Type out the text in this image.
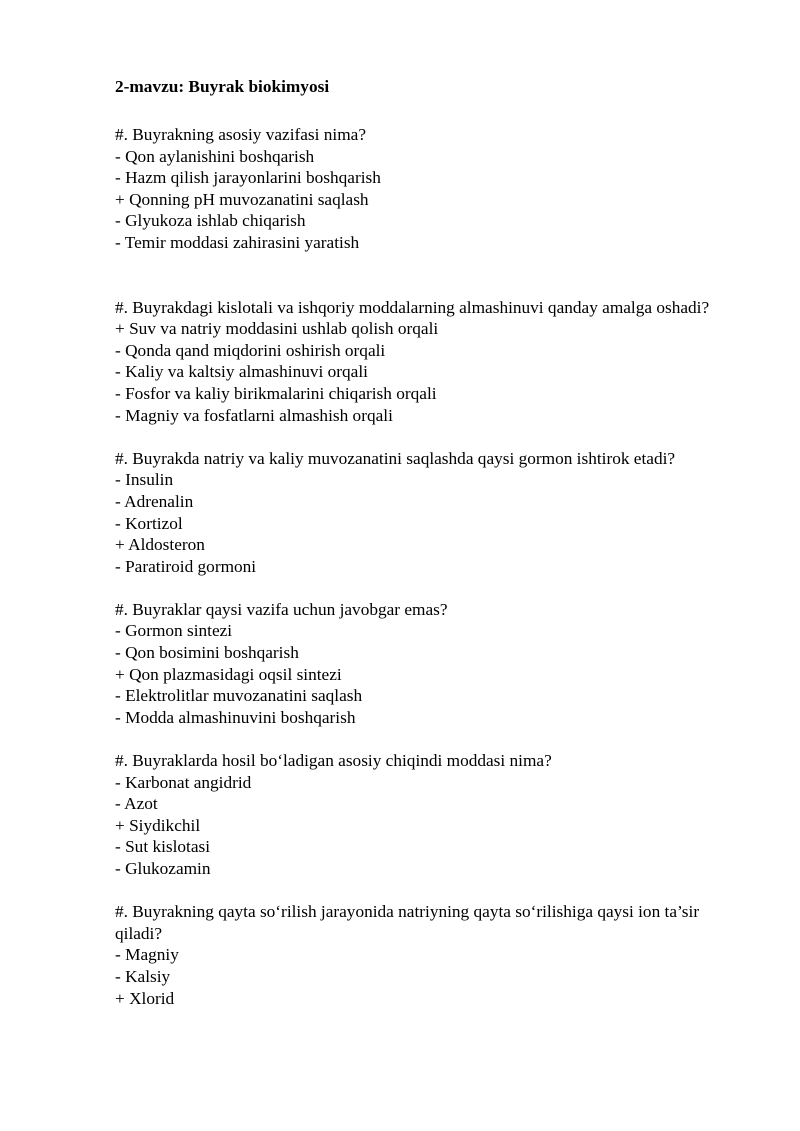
2-mavzu: Buyrak biokimyosi

#. Buyrakning asosiy vazifasi nima?
- Qon aylanishini boshqarish
- Hazm qilish jarayonlarini boshqarish
+ Qonning pH muvozanatini saqlash
- Glyukoza ishlab chiqarish
- Temir moddasi zahirasini yaratish
#. Buyrakdagi kislotali va ishqoriy moddalarning almashinuvi qanday amalga oshadi?
+ Suv va natriy moddasini ushlab qolish orqali
- Qonda qand miqdorini oshirish orqali
- Kaliy va kaltsiy almashinuvi orqali
- Fosfor va kaliy birikmalarini chiqarish orqali
- Magniy va fosfatlarni almashish orqali
#. Buyrakda natriy va kaliy muvozanatini saqlashda qaysi gormon ishtirok etadi?
- Insulin
- Adrenalin
- Kortizol
+ Aldosteron
- Paratiroid gormoni
#. Buyraklar qaysi vazifa uchun javobgar emas?
- Gormon sintezi
- Qon bosimini boshqarish
+ Qon plazmasidagi oqsil sintezi
- Elektrolitlar muvozanatini saqlash
- Modda almashinuvini boshqarish
#. Buyraklarda hosil bo‘ladigan asosiy chiqindi moddasi nima?
- Karbonat angidrid
- Azot
+ Siydikchil
- Sut kislotasi
- Glukozamin
#. Buyrakning qayta so‘rilish jarayonida natriyning qayta so‘rilishiga qaysi ion ta’sir qiladi?
- Magniy
- Kalsiy
+ Xlorid
